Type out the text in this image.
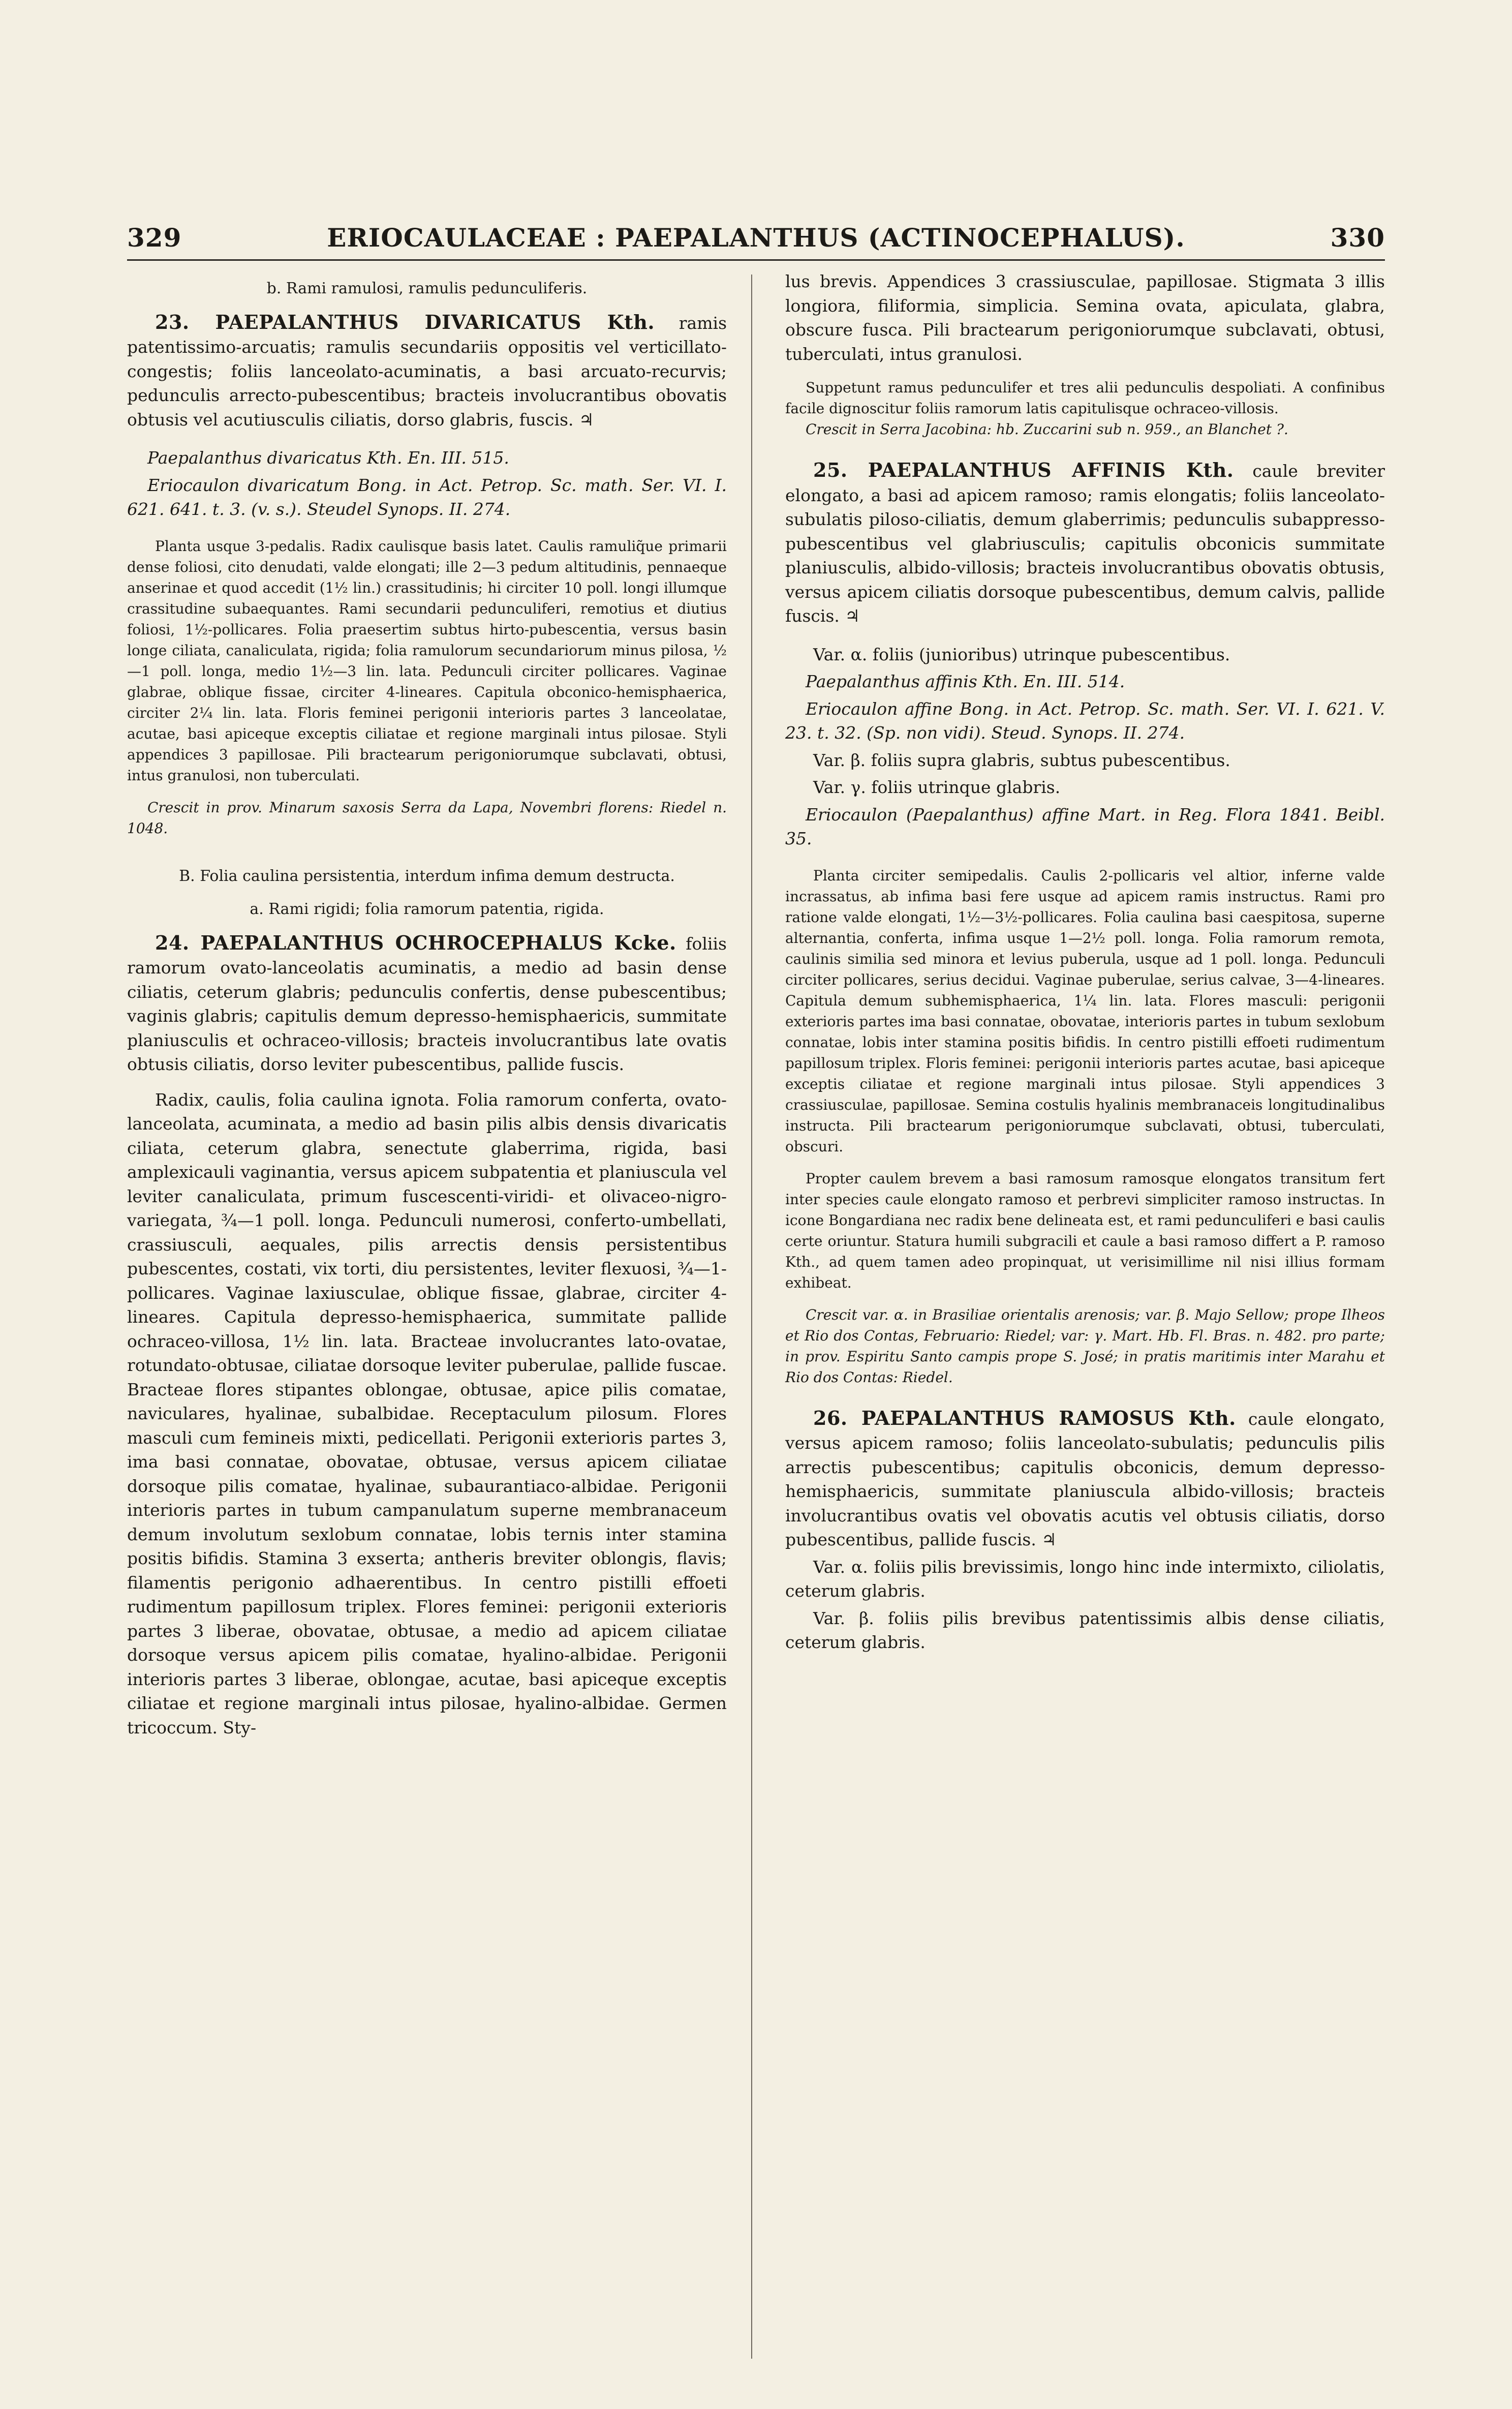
329	ERIOCAULACEAE : PAEPALANTHUS (ACTINOCEPHALUS).	330
b. Rami ramulosi, ramulis pedunculiferis.

23. PAEPALANTHUS DIVARICATUS Kth. ramis patentissimo-arcuatis; ramulis secundariis oppositis vel verticillato-congestis; foliis lanceolato-acuminatis, a basi arcuato-recurvis; pedunculis arrecto-pubescentibus; bracteis involucrantibus obovatis obtusis vel acutiusculis ciliatis, dorso glabris, fuscis. ♃

Paepalanthus divaricatus Kth. En. III. 515.

Eriocaulon divaricatum Bong. in Act. Petrop. Sc. math. Ser. VI. I. 621. 641. t. 3. (v. s.). Steudel Synops. II. 274.

Planta usque 3-pedalis. Radix caulisque basis latet. Caulis ramuliq̃ue primarii dense foliosi, cito denudati, valde elongati; ille 2—3 pedum altitudinis, pennaeque anserinae et quod accedit (1½ lin.) crassitudinis; hi circiter 10 poll. longi illumque crassitudine subaequantes. Rami secundarii pedunculiferi, remotius et diutius foliosi, 1½-pollicares. Folia praesertim subtus hirto-pubescentia, versus basin longe ciliata, canaliculata, rigida; folia ramulorum secundariorum minus pilosa, ½—1 poll. longa, medio 1½—3 lin. lata. Pedunculi circiter pollicares. Vaginae glabrae, oblique fissae, circiter 4-lineares. Capitula obconico-hemisphaerica, circiter 2¼ lin. lata. Floris feminei perigonii interioris partes 3 lanceolatae, acutae, basi apiceque exceptis ciliatae et regione marginali intus pilosae. Styli appendices 3 papillosae. Pili bractearum perigoniorumque subclavati, obtusi, intus granulosi, non tuberculati.

Crescit in prov. Minarum saxosis Serra da Lapa, Novembri florens: Riedel n. 1048.

B. Folia caulina persistentia, interdum infima demum destructa.
a. Rami rigidi; folia ramorum patentia, rigida.

24. PAEPALANTHUS OCHROCEPHALUS Kcke. foliis ramorum ovato-lanceolatis acuminatis, a medio ad basin dense ciliatis, ceterum glabris; pedunculis confertis, dense pubescentibus; vaginis glabris; capitulis demum depresso-hemisphaericis, summitate planiusculis et ochraceo-villosis; bracteis involucrantibus late ovatis obtusis ciliatis, dorso leviter pubescentibus, pallide fuscis.

Radix, caulis, folia caulina ignota. Folia ramorum conferta, ovato-lanceolata, acuminata, a medio ad basin pilis albis densis divaricatis ciliata, ceterum glabra, senectute glaberrima, rigida, basi amplexicauli vaginantia, versus apicem subpatentia et planiuscula vel leviter canaliculata, primum fuscescenti-viridi- et olivaceo-nigro-variegata, ¾—1 poll. longa. Pedunculi numerosi, conferto-umbellati, crassiusculi, aequales, pilis arrectis densis persistentibus pubescentes, costati, vix torti, diu persistentes, leviter flexuosi, ¾—1-pollicares. Vaginae laxiusculae, oblique fissae, glabrae, circiter 4-lineares. Capitula depresso-hemisphaerica, summitate pallide ochraceo-villosa, 1½ lin. lata. Bracteae involucrantes lato-ovatae, rotundato-obtusae, ciliatae dorsoque leviter puberulae, pallide fuscae. Bracteae flores stipantes oblongae, obtusae, apice pilis comatae, naviculares, hyalinae, subalbidae. Receptaculum pilosum. Flores masculi cum femineis mixti, pedicellati. Perigonii exterioris partes 3, ima basi connatae, obovatae, obtusae, versus apicem ciliatae dorsoque pilis comatae, hyalinae, subaurantiaco-albidae. Perigonii interioris partes in tubum campanulatum superne membranaceum demum involutum sexlobum connatae, lobis ternis inter stamina positis bifidis. Stamina 3 exserta; antheris breviter oblongis, flavis; filamentis perigonio adhaerentibus. In centro pistilli effoeti rudimentum papillosum triplex. Flores feminei: perigonii exterioris partes 3 liberae, obovatae, obtusae, a medio ad apicem ciliatae dorsoque versus apicem pilis comatae, hyalino-albidae. Perigonii interioris partes 3 liberae, oblongae, acutae, basi apiceque exceptis ciliatae et regione marginali intus pilosae, hyalino-albidae. Germen tricoccum. Sty-

lus brevis. Appendices 3 crassiusculae, papillosae. Stigmata 3 illis longiora, filiformia, simplicia. Semina ovata, apiculata, glabra, obscure fusca. Pili bractearum perigoniorumque subclavati, obtusi, tuberculati, intus granulosi.

Suppetunt ramus pedunculifer et tres alii pedunculis despoliati. A confinibus facile dignoscitur foliis ramorum latis capitulisque ochraceo-villosis.

Crescit in Serra Jacobina: hb. Zuccarini sub n. 959., an Blanchet ?.

25. PAEPALANTHUS AFFINIS Kth. caule breviter elongato, a basi ad apicem ramoso; ramis elongatis; foliis lanceolato-subulatis piloso-ciliatis, demum glaberrimis; pedunculis subappresso-pubescentibus vel glabriusculis; capitulis obconicis summitate planiusculis, albido-villosis; bracteis involucrantibus obovatis obtusis, versus apicem ciliatis dorsoque pubescentibus, demum calvis, pallide fuscis. ♃

Var. α. foliis (junioribus) utrinque pubescentibus.

Paepalanthus affinis Kth. En. III. 514.

Eriocaulon affine Bong. in Act. Petrop. Sc. math. Ser. VI. I. 621. V. 23. t. 32. (Sp. non vidi). Steud. Synops. II. 274.

Var. β. foliis supra glabris, subtus pubescentibus.

Var. γ. foliis utrinque glabris.

Eriocaulon (Paepalanthus) affine Mart. in Reg. Flora 1841. Beibl. 35.

Planta circiter semipedalis. Caulis 2-pollicaris vel altior, inferne valde incrassatus, ab infima basi fere usque ad apicem ramis instructus. Rami pro ratione valde elongati, 1½—3½-pollicares. Folia caulina basi caespitosa, superne alternantia, conferta, infima usque 1—2½ poll. longa. Folia ramorum remota, caulinis similia sed minora et levius puberula, usque ad 1 poll. longa. Pedunculi circiter pollicares, serius decidui. Vaginae puberulae, serius calvae, 3—4-lineares. Capitula demum subhemisphaerica, 1¼ lin. lata. Flores masculi: perigonii exterioris partes ima basi connatae, obovatae, interioris partes in tubum sexlobum connatae, lobis inter stamina positis bifidis. In centro pistilli effoeti rudimentum papillosum triplex. Floris feminei: perigonii interioris partes acutae, basi apiceque exceptis ciliatae et regione marginali intus pilosae. Styli appendices 3 crassiusculae, papillosae. Semina costulis hyalinis membranaceis longitudinalibus instructa. Pili bractearum perigoniorumque subclavati, obtusi, tuberculati, obscuri.

Propter caulem brevem a basi ramosum ramosque elongatos transitum fert inter species caule elongato ramoso et perbrevi simpliciter ramoso instructas. In icone Bongardiana nec radix bene delineata est, et rami pedunculiferi e basi caulis certe oriuntur. Statura humili subgracili et caule a basi ramoso differt a P. ramoso Kth., ad quem tamen adeo propinquat, ut verisimillime nil nisi illius formam exhibeat.

Crescit var. α. in Brasiliae orientalis arenosis; var. β. Majo Sellow; prope Ilheos et Rio dos Contas, Februario: Riedel; var: γ. Mart. Hb. Fl. Bras. n. 482. pro parte; in prov. Espiritu Santo campis prope S. José; in pratis maritimis inter Marahu et Rio dos Contas: Riedel.

26. PAEPALANTHUS RAMOSUS Kth. caule elongato, versus apicem ramoso; foliis lanceolato-subulatis; pedunculis pilis arrectis pubescentibus; capitulis obconicis, demum depresso-hemisphaericis, summitate planiuscula albido-villosis; bracteis involucrantibus ovatis vel obovatis acutis vel obtusis ciliatis, dorso pubescentibus, pallide fuscis. ♃

Var. α. foliis pilis brevissimis, longo hinc inde intermixto, ciliolatis, ceterum glabris.

Var. β. foliis pilis brevibus patentissimis albis dense ciliatis, ceterum glabris.
